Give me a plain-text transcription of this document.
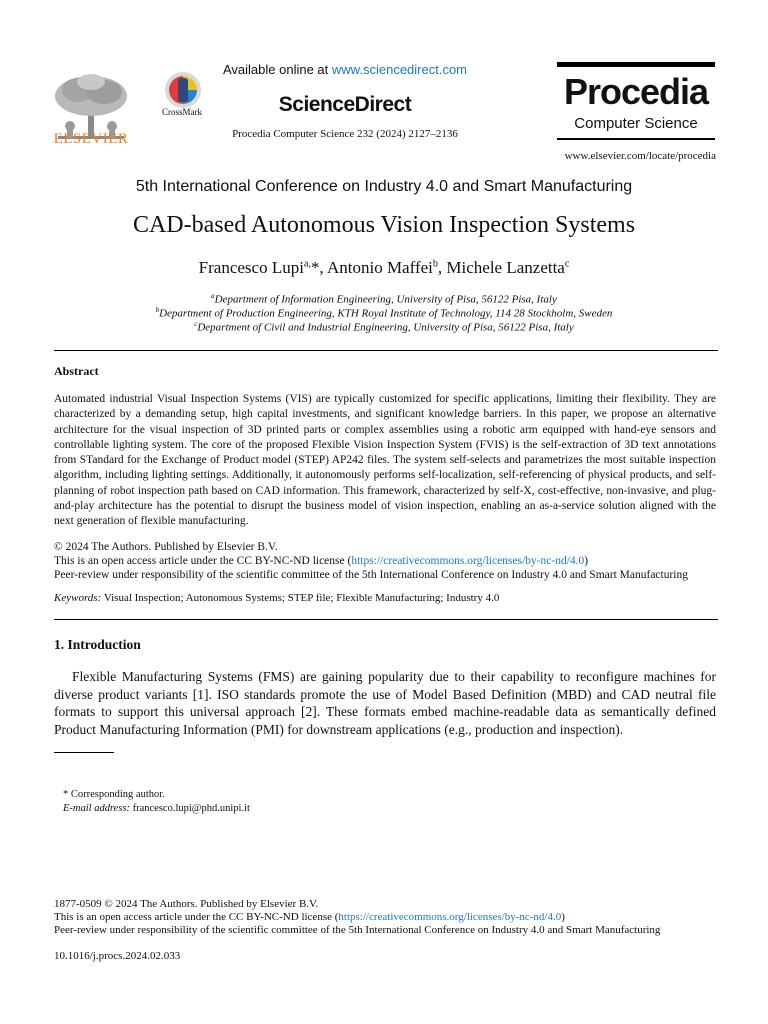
ELSEVIER
CrossMark
Available online at www.sciencedirect.com
ScienceDirect
Procedia Computer Science 232 (2024) 2127–2136
Procedia
Computer Science
www.elsevier.com/locate/procedia
5th International Conference on Industry 4.0 and Smart Manufacturing
CAD-based Autonomous Vision Inspection Systems
Francesco Lupi$^{a,}$*, Antonio Maffei$^b$, Michele Lanzetta$^c$
$^a$Department of Information Engineering, University of Pisa, 56122 Pisa, Italy
$^b$Department of Production Engineering, KTH Royal Institute of Technology, 114 28 Stockholm, Sweden
$^c$Department of Civil and Industrial Engineering, University of Pisa, 56122 Pisa, Italy
Abstract
Automated industrial Visual Inspection Systems (VIS) are typically customized for specific applications, limiting their flexibility. They are characterized by a demanding setup, high capital investments, and significant knowledge barriers. In this paper, we propose an alternative architecture for the visual inspection of 3D printed parts or complex assemblies using a robotic arm equipped with hand-eye sensors and controllable lighting system. The core of the proposed Flexible Vision Inspection System (FVIS) is the self-extraction of 3D text annotations from STandard for the Exchange of Product model (STEP) AP242 files. The system self-selects and parametrizes the most suitable inspection algorithm, including lighting settings. Additionally, it autonomously performs self-localization, self-referencing of physical products, and self-planning of robot inspection path based on CAD information. This framework, characterized by self-X, cost-effective, non-invasive, and plug-and-play architecture has the potential to disrupt the business model of vision inspection, enabling an as-a-service solution aligned with the next generation of flexible manufacturing.
© 2024 The Authors. Published by Elsevier B.V.
This is an open access article under the CC BY-NC-ND license (https://creativecommons.org/licenses/by-nc-nd/4.0)
Peer-review under responsibility of the scientific committee of the 5th International Conference on Industry 4.0 and Smart Manufacturing
Keywords: Visual Inspection; Autonomous Systems; STEP file; Flexible Manufacturing; Industry 4.0
1. Introduction
Flexible Manufacturing Systems (FMS) are gaining popularity due to their capability to reconfigure machines for diverse product variants [1]. ISO standards promote the use of Model Based Definition (MBD) and CAD neutral file formats to support this universal approach [2]. These formats embed machine-readable data as semantically defined Product Manufacturing Information (PMI) for downstream applications (e.g., production and inspection).
* Corresponding author.
E-mail address: francesco.lupi@phd.unipi.it
1877-0509 © 2024 The Authors. Published by Elsevier B.V.
This is an open access article under the CC BY-NC-ND license (https://creativecommons.org/licenses/by-nc-nd/4.0)
Peer-review under responsibility of the scientific committee of the 5th International Conference on Industry 4.0 and Smart Manufacturing
10.1016/j.procs.2024.02.033
